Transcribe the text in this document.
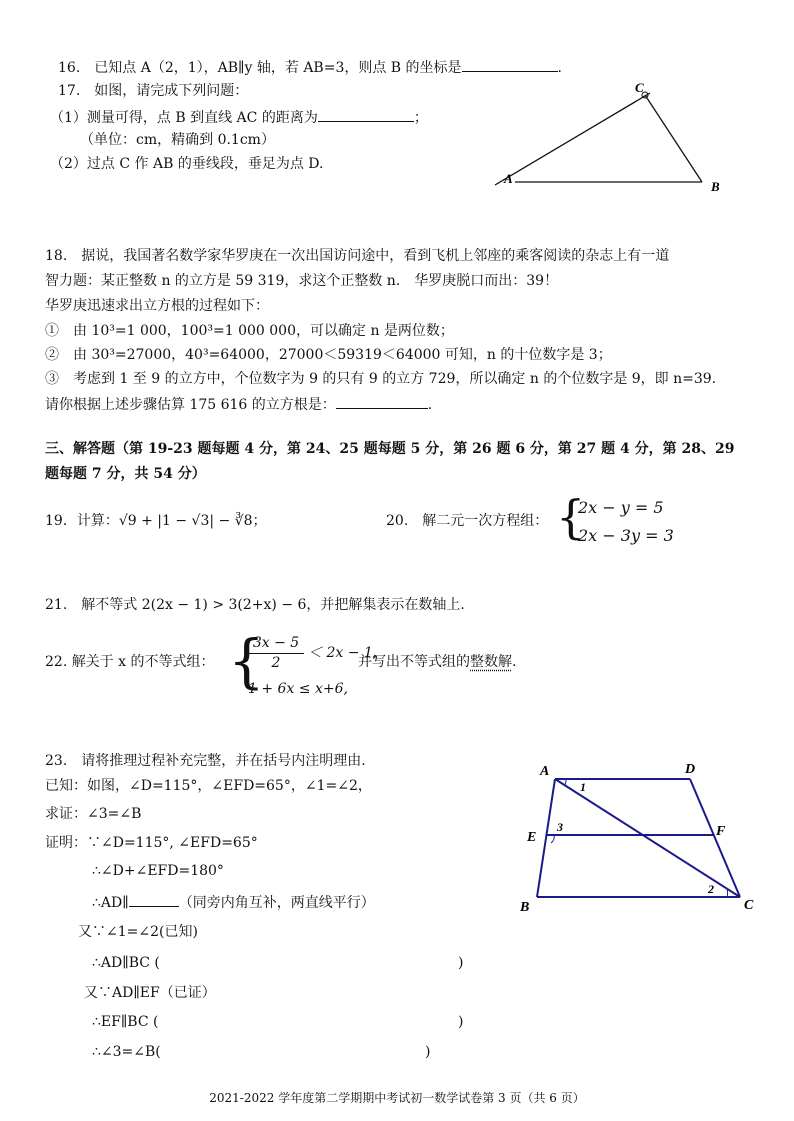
16.　已知点 A（2，1），AB∥y 轴，若 AB=3，则点 B 的坐标是	.
17.　如图，请完成下列问题：
（1）测量可得，点 B 到直线 AC 的距离为	；
（单位：cm，精确到 0.1cm）
（2）过点 C 作 AB 的垂线段，垂足为点 D.
A
B
C
18.　据说，我国著名数学家华罗庚在一次出国访问途中，看到飞机上邻座的乘客阅读的杂志上有一道
智力题：某正整数 n 的立方是 59 319，求这个正整数 n.　华罗庚脱口而出：39！
华罗庚迅速求出立方根的过程如下：
①　由 10³=1 000，100³=1 000 000，可以确定 n 是两位数；
②　由 30³=27000，40³=64000，27000＜59319＜64000 可知，n 的十位数字是 3；
③　考虑到 1 至 9 的立方中，个位数字为 9 的只有 9 的立方 729，所以确定 n 的个位数字是 9，即 n=39.
请你根据上述步骤估算 175 616 的立方根是：	.
三、解答题（第 19-23 题每题 4 分，第 24、25 题每题 5 分，第 26 题 6 分，第 27 题 4 分，第 28、29
题每题 7 分，共 54 分）
19．计算：√9 + |1 − √3| − ∛8；	20.　解二元一次方程组： {
2x − y = 5
2x − 3y = 3
21.　解不等式 2(2x − 1) > 3(2+x) − 6，并把解集表示在数轴上.
22. 解关于 x 的不等式组： {
$\frac{3x - 5}{2} < 2x - 1$,
1 + 6x ≤ x+6,
并写出不等式组的整数解.
23.　请将推理过程补充完整，并在括号内注明理由.
已知：如图，∠D=115°，∠EFD=65°，∠1=∠2，
求证：∠3=∠B
证明：∵∠D=115°, ∠EFD=65°
∴∠D+∠EFD=180°
∴AD∥	（同旁内角互补，两直线平行）
又∵∠1=∠2(已知)
∴AD∥BC (	)
又∵AD∥EF（已证）
∴EF∥BC (	)
∴∠3=∠B(	)
A	D
E	F
B	C
1
2
3
2021-2022 学年度第二学期期中考试初一数学试卷第 3 页（共 6 页）
